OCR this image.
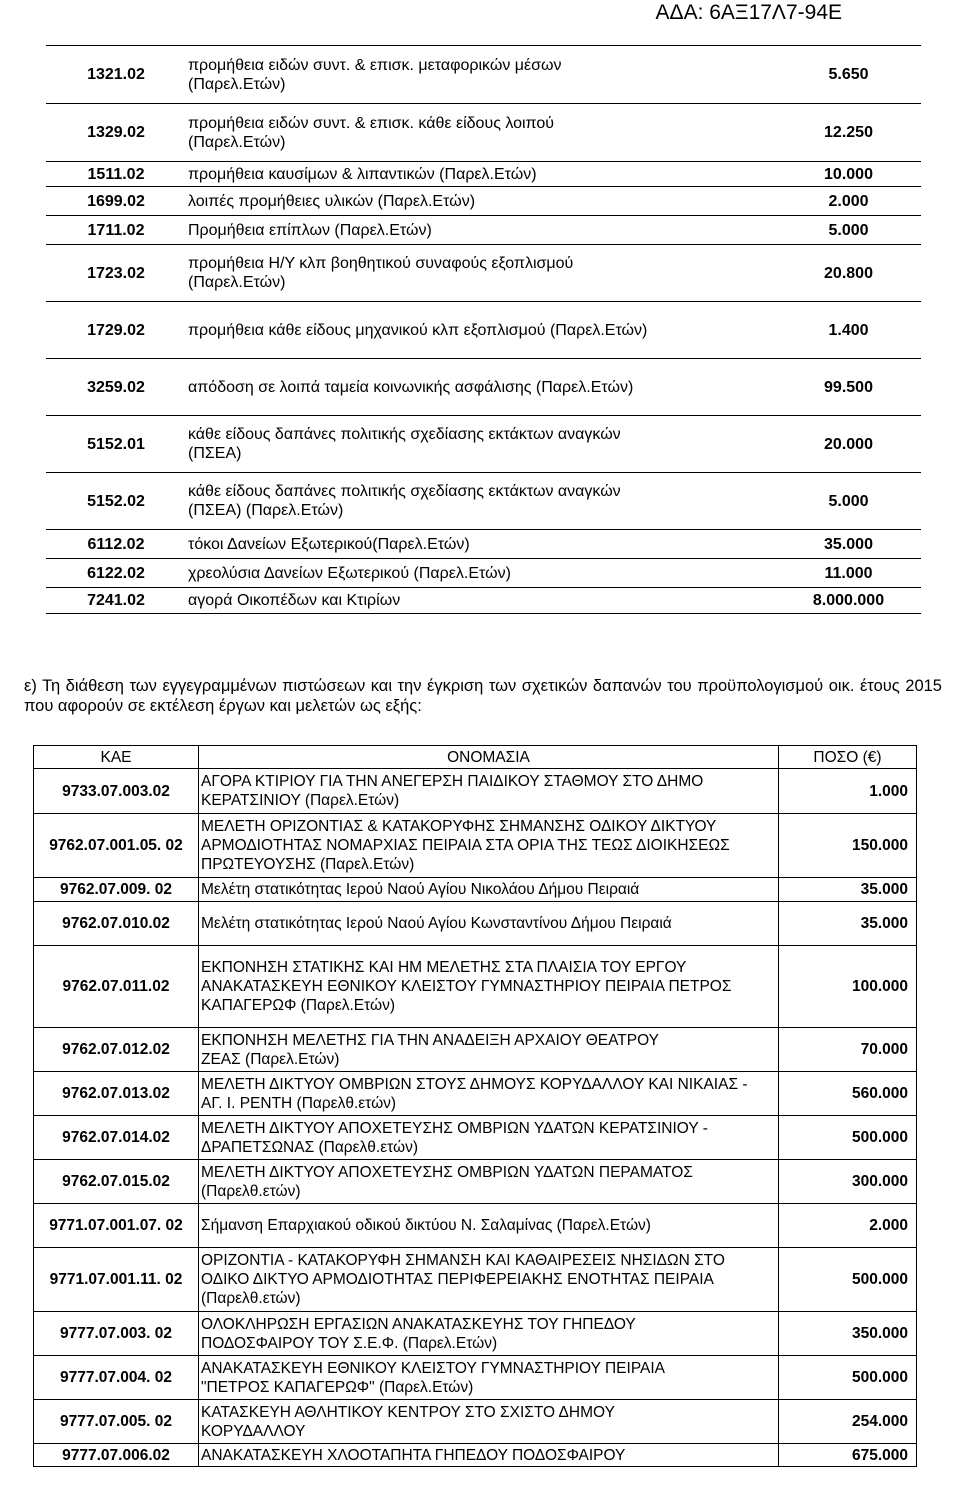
ΑΔΑ: 6ΑΞ17Λ7-94Ε
1321.02	προμήθεια ειδών συντ. & επισκ. μεταφορικών μέσων (Παρελ.Ετών)	5.650
1329.02	προμήθεια ειδών συντ. & επισκ. κάθε είδους λοιπού (Παρελ.Ετών)	12.250
1511.02	προμήθεια καυσίμων & λιπαντικών (Παρελ.Ετών)	10.000
1699.02	λοιπές προμήθειες υλικών (Παρελ.Ετών)	2.000
1711.02	Προμήθεια επίπλων (Παρελ.Ετών)	5.000
1723.02	προμήθεια Η/Υ κλπ βοηθητικού συναφούς εξοπλισμού (Παρελ.Ετών)	20.800
1729.02	προμήθεια κάθε είδους μηχανικού κλπ εξοπλισμού (Παρελ.Ετών)	1.400
3259.02	απόδοση σε λοιπά ταμεία κοινωνικής ασφάλισης (Παρελ.Ετών)	99.500
5152.01	κάθε είδους δαπάνες πολιτικής σχεδίασης εκτάκτων αναγκών (ΠΣΕΑ)	20.000
5152.02	κάθε είδους δαπάνες πολιτικής σχεδίασης εκτάκτων αναγκών (ΠΣΕΑ) (Παρελ.Ετών)	5.000
6112.02	τόκοι Δανείων Εξωτερικού(Παρελ.Ετών)	35.000
6122.02	χρεολύσια Δανείων Εξωτερικού (Παρελ.Ετών)	11.000
7241.02	αγορά Οικοπέδων και Κτιρίων	8.000.000
ε) Τη διάθεση των εγγεγραμμένων πιστώσεων και την έγκριση των σχετικών δαπανών του προϋπολογισμού οικ. έτους 2015 που αφορούν σε εκτέλεση έργων και μελετών ως εξής:
ΚΑΕ	ΟΝΟΜΑΣΙΑ	ΠΟΣΟ (€)
9733.07.003.02	ΑΓΟΡΑ ΚΤΙΡΙΟΥ ΓΙΑ ΤΗΝ ΑΝΕΓΕΡΣΗ ΠΑΙΔΙΚΟΥ ΣΤΑΘΜΟΥ ΣΤΟ ΔΗΜΟ ΚΕΡΑΤΣΙΝΙΟΥ (Παρελ.Ετών)	1.000
9762.07.001.05. 02	ΜΕΛΕΤΗ ΟΡΙΖΟΝΤΙΑΣ & ΚΑΤΑΚΟΡΥΦΗΣ ΣΗΜΑΝΣΗΣ ΟΔΙΚΟΥ ΔΙΚΤΥΟΥ ΑΡΜΟΔΙΟΤΗΤΑΣ ΝΟΜΑΡΧΙΑΣ ΠΕΙΡΑΙΑ ΣΤΑ ΟΡΙΑ ΤΗΣ ΤΕΩΣ ΔΙΟΙΚΗΣΕΩΣ ΠΡΩΤΕΥΟΥΣΗΣ (Παρελ.Ετών)	150.000
9762.07.009. 02	Μελέτη στατικότητας Ιερού Ναού Αγίου Νικολάου Δήμου Πειραιά	35.000
9762.07.010.02	Μελέτη στατικότητας Ιερού Ναού Αγίου Κωνσταντίνου Δήμου Πειραιά	35.000
9762.07.011.02	ΕΚΠΟΝΗΣΗ ΣΤΑΤΙΚΗΣ ΚΑΙ ΗΜ ΜΕΛΕΤΗΣ ΣΤΑ ΠΛΑΙΣΙΑ ΤΟΥ ΕΡΓΟΥ ΑΝΑΚΑΤΑΣΚΕΥΗ ΕΘΝΙΚΟΥ ΚΛΕΙΣΤΟΥ ΓΥΜΝΑΣΤΗΡΙΟΥ ΠΕΙΡΑΙΑ ΠΕΤΡΟΣ ΚΑΠΑΓΕΡΩΦ (Παρελ.Ετών)	100.000
9762.07.012.02	ΕΚΠΟΝΗΣΗ ΜΕΛΕΤΗΣ ΓΙΑ ΤΗΝ ΑΝΑΔΕΙΞΗ ΑΡΧΑΙΟΥ ΘΕΑΤΡΟΥ ΖΕΑΣ (Παρελ.Ετών)	70.000
9762.07.013.02	ΜΕΛΕΤΗ ΔΙΚΤΥΟΥ ΟΜΒΡΙΩΝ ΣΤΟΥΣ ΔΗΜΟΥΣ ΚΟΡΥΔΑΛΛΟΥ ΚΑΙ ΝΙΚΑΙΑΣ - ΑΓ. Ι. ΡΕΝΤΗ (Παρελθ.ετών)	560.000
9762.07.014.02	ΜΕΛΕΤΗ ΔΙΚΤΥΟΥ ΑΠΟΧΕΤΕΥΣΗΣ ΟΜΒΡΙΩΝ ΥΔΑΤΩΝ ΚΕΡΑΤΣΙΝΙΟΥ - ΔΡΑΠΕΤΣΩΝΑΣ (Παρελθ.ετών)	500.000
9762.07.015.02	ΜΕΛΕΤΗ ΔΙΚΤΥΟΥ ΑΠΟΧΕΤΕΥΣΗΣ ΟΜΒΡΙΩΝ ΥΔΑΤΩΝ ΠΕΡΑΜΑΤΟΣ (Παρελθ.ετών)	300.000
9771.07.001.07. 02	Σήμανση Επαρχιακού οδικού δικτύου Ν. Σαλαμίνας (Παρελ.Ετών)	2.000
9771.07.001.11. 02	ΟΡΙΖΟΝΤΙΑ - ΚΑΤΑΚΟΡΥΦΗ ΣΗΜΑΝΣΗ ΚΑΙ ΚΑΘΑΙΡΕΣΕΙΣ ΝΗΣΙΔΩΝ ΣΤΟ ΟΔΙΚΟ ΔΙΚΤΥΟ ΑΡΜΟΔΙΟΤΗΤΑΣ ΠΕΡΙΦΕΡΕΙΑΚΗΣ ΕΝΟΤΗΤΑΣ ΠΕΙΡΑΙΑ (Παρελθ.ετών)	500.000
9777.07.003. 02	ΟΛΟΚΛΗΡΩΣΗ ΕΡΓΑΣΙΩΝ ΑΝΑΚΑΤΑΣΚΕΥΗΣ ΤΟΥ ΓΗΠΕΔΟΥ ΠΟΔΟΣΦΑΙΡΟΥ ΤΟΥ Σ.Ε.Φ. (Παρελ.Ετών)	350.000
9777.07.004. 02	ΑΝΑΚΑΤΑΣΚΕΥΗ ΕΘΝΙΚΟΥ ΚΛΕΙΣΤΟΥ ΓΥΜΝΑΣΤΗΡΙΟΥ ΠΕΙΡΑΙΑ "ΠΕΤΡΟΣ ΚΑΠΑΓΕΡΩΦ" (Παρελ.Ετών)	500.000
9777.07.005. 02	ΚΑΤΑΣΚΕΥΗ ΑΘΛΗΤΙΚΟΥ ΚΕΝΤΡΟΥ ΣΤΟ ΣΧΙΣΤΟ ΔΗΜΟΥ ΚΟΡΥΔΑΛΛΟΥ	254.000
9777.07.006.02	ΑΝΑΚΑΤΑΣΚΕΥΗ ΧΛΟΟΤΑΠΗΤΑ ΓΗΠΕΔΟΥ ΠΟΔΟΣΦΑΙΡΟΥ	675.000
